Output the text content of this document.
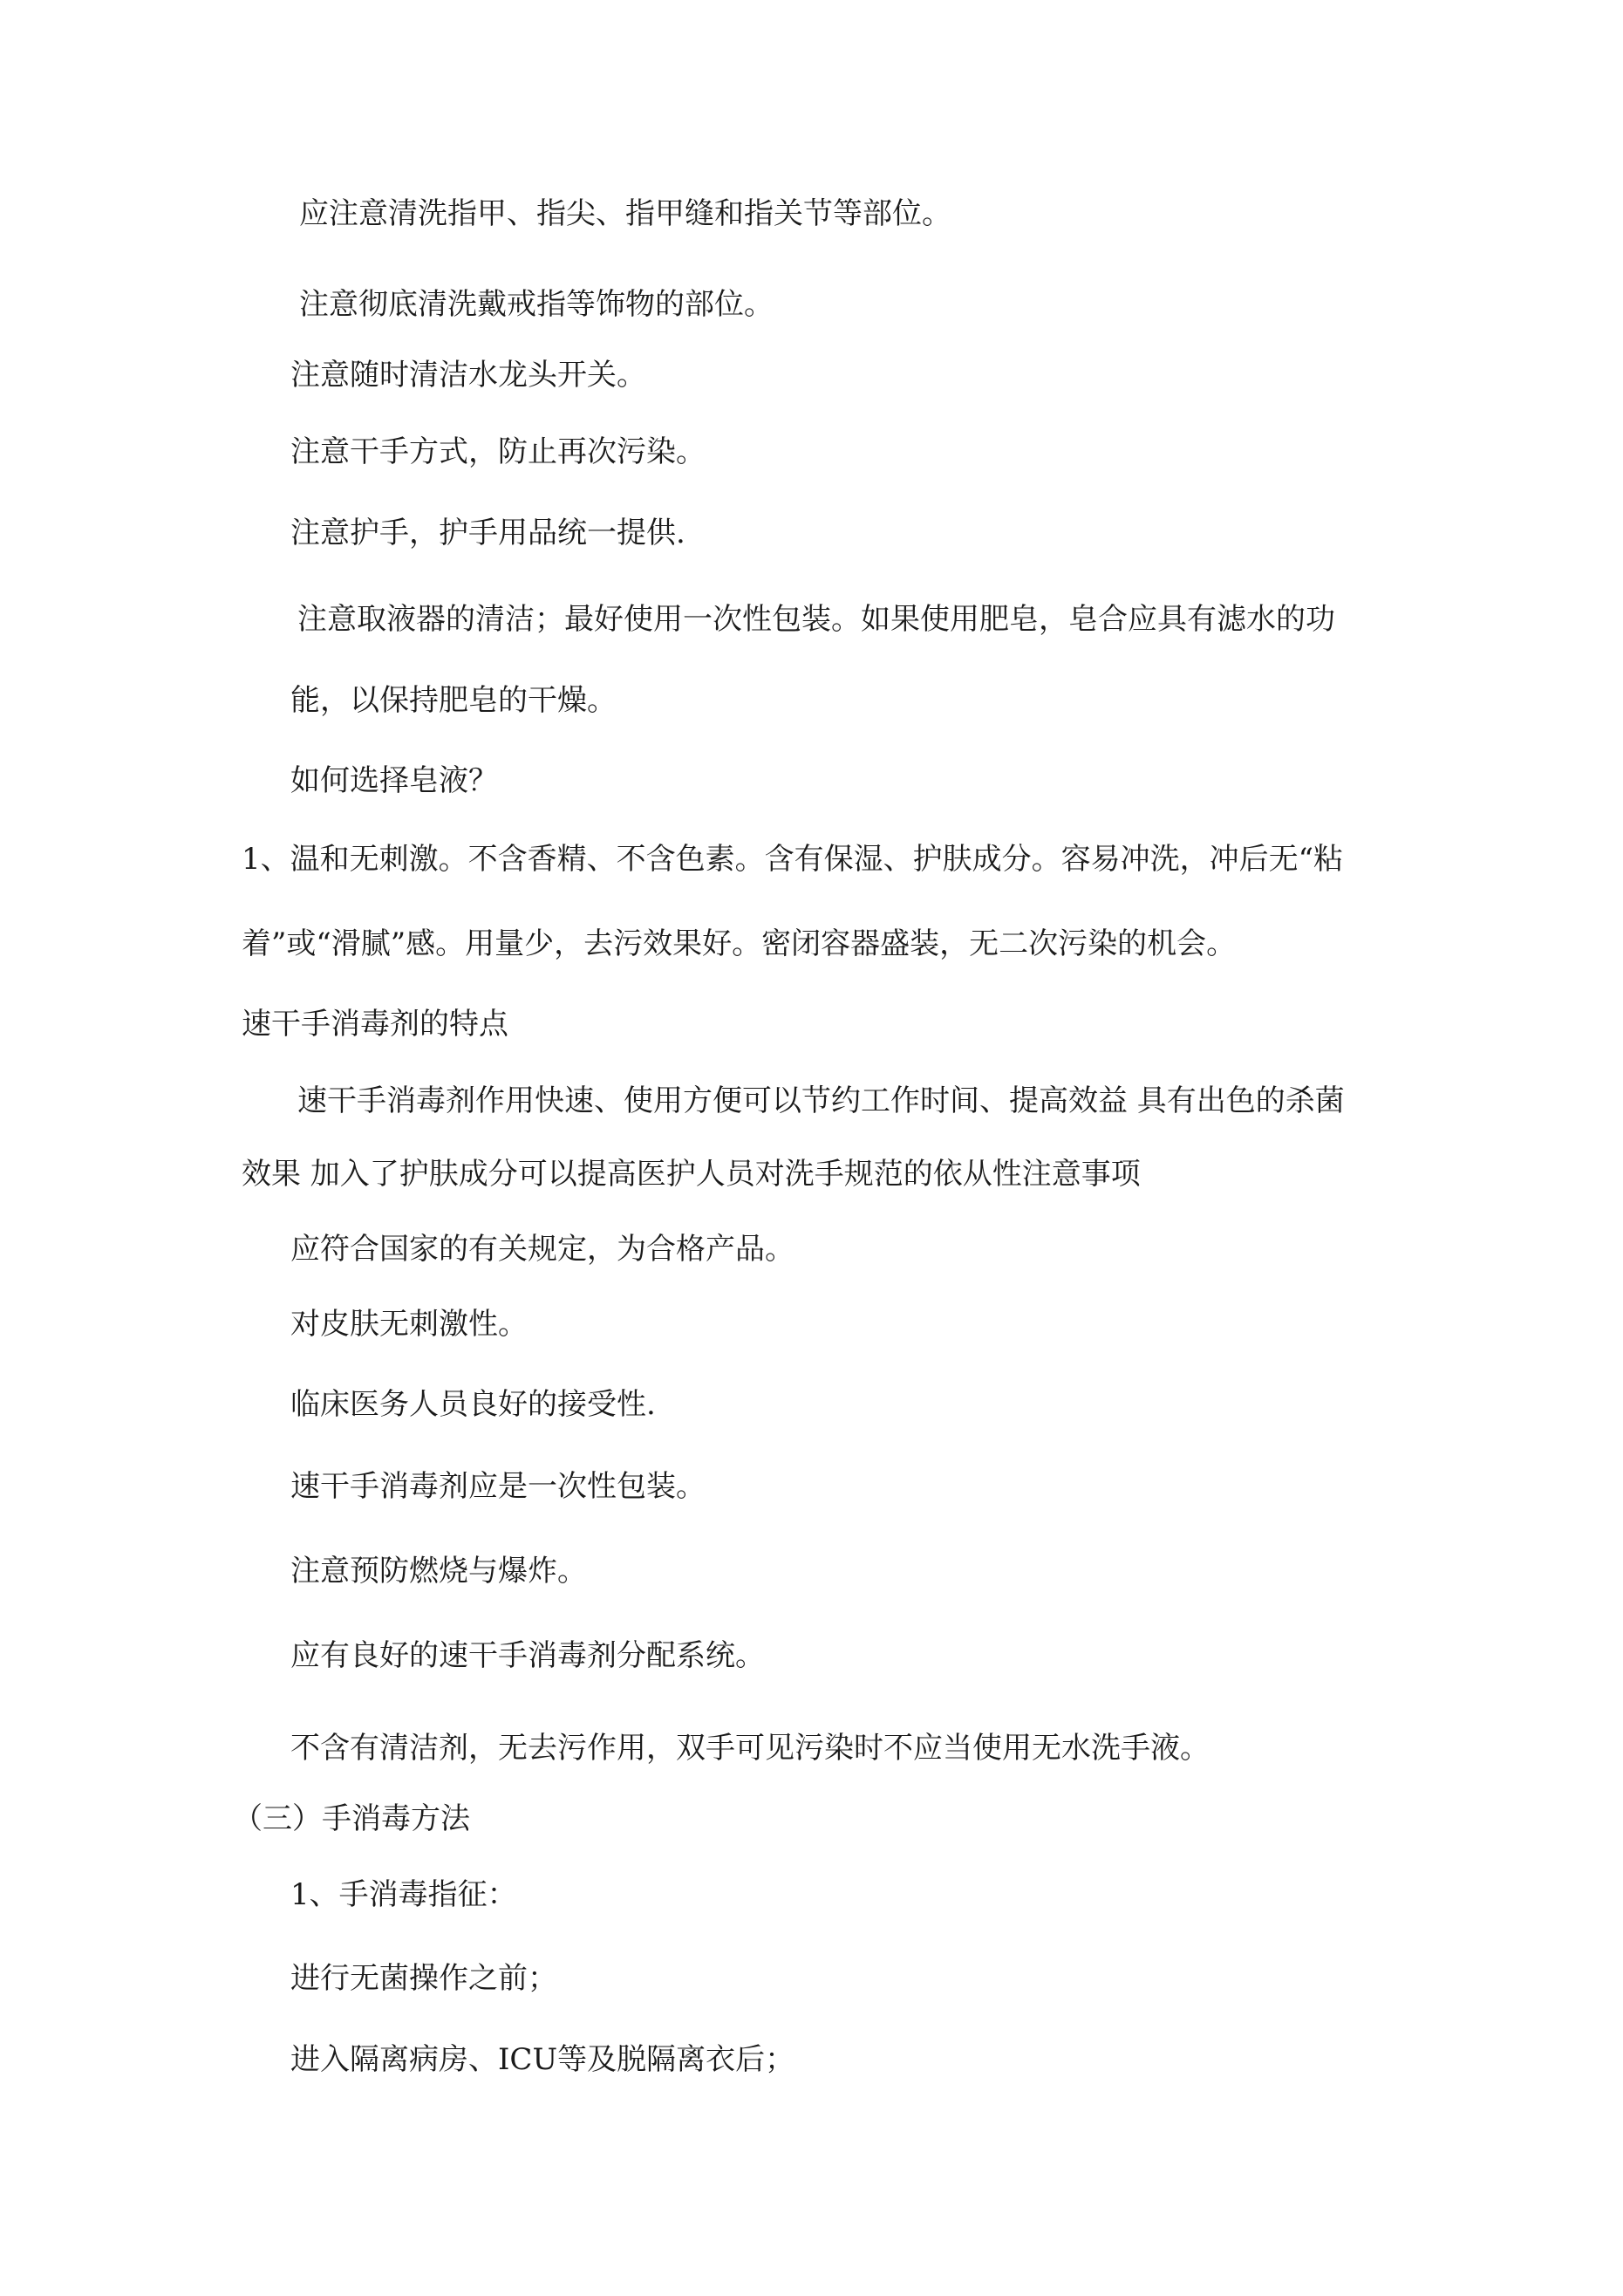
应注意清洗指甲、指尖、指甲缝和指关节等部位。

注意彻底清洗戴戒指等饰物的部位。

注意随时清洁水龙头开关。

注意干手方式，防止再次污染。

注意护手，护手用品统一提供.

注意取液器的清洁；最好使用一次性包装。如果使用肥皂，皂合应具有滤水的功

能，以保持肥皂的干燥。

如何选择皂液？

1、温和无刺激。不含香精、不含色素。含有保湿、护肤成分。容易冲洗，冲后无“粘

着”或“滑腻”感。用量少，去污效果好。密闭容器盛装，无二次污染的机会。

速干手消毒剂的特点

速干手消毒剂作用快速、使用方便可以节约工作时间、提高效益 具有出色的杀菌

效果 加入了护肤成分可以提高医护人员对洗手规范的依从性注意事项

应符合国家的有关规定，为合格产品。

对皮肤无刺激性。

临床医务人员良好的接受性.

速干手消毒剂应是一次性包装。

注意预防燃烧与爆炸。

应有良好的速干手消毒剂分配系统。

不含有清洁剂，无去污作用，双手可见污染时不应当使用无水洗手液。

（三）手消毒方法

1、手消毒指征：

进行无菌操作之前；

进入隔离病房、ICU等及脱隔离衣后；
